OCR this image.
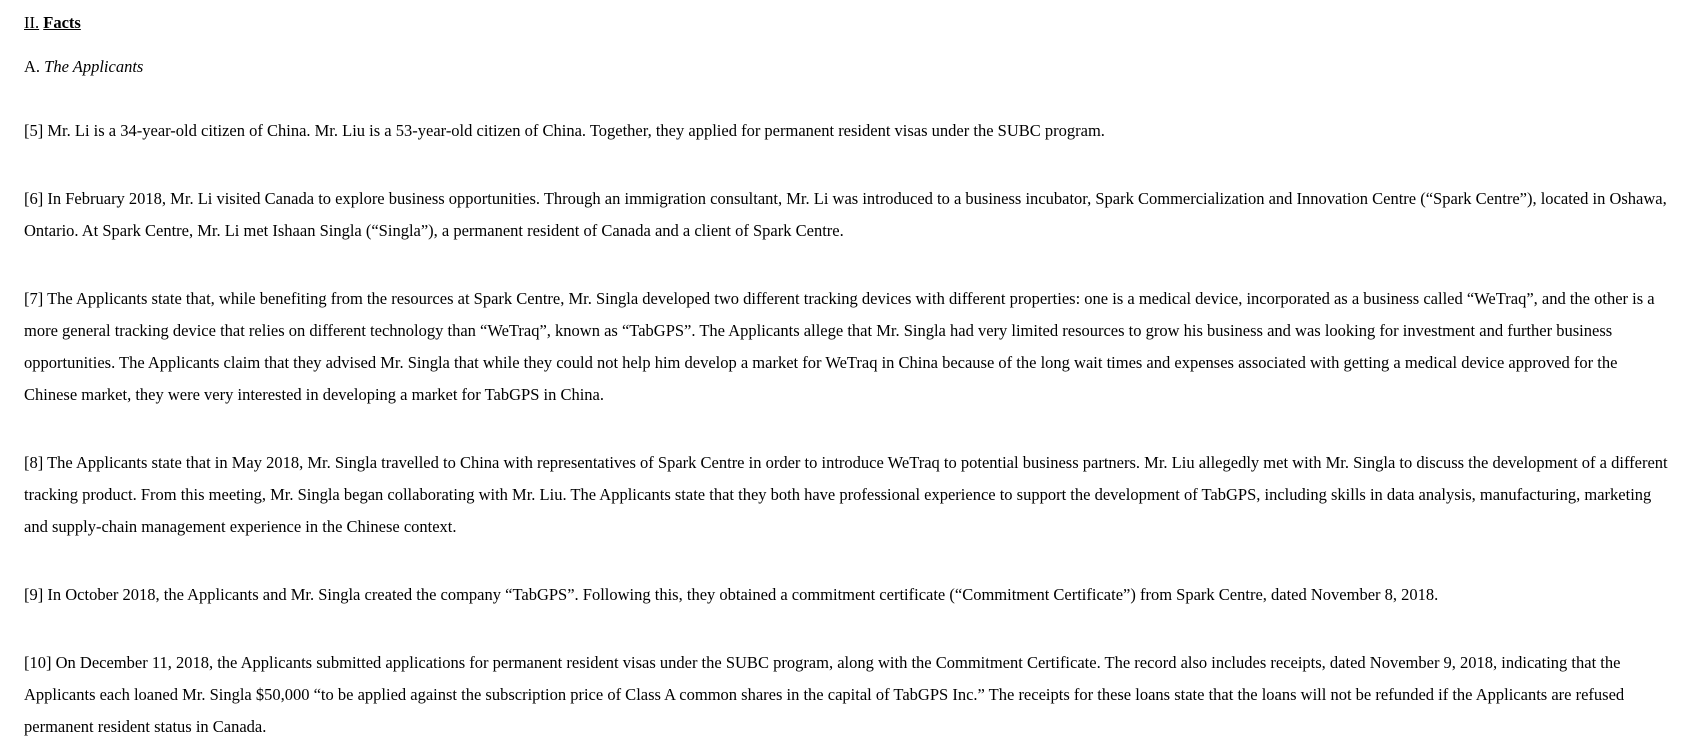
II. Facts

A. The Applicants

[5] Mr. Li is a 34-year-old citizen of China. Mr. Liu is a 53-year-old citizen of China. Together, they applied for permanent resident visas under the SUBC program.

[6] In February 2018, Mr. Li visited Canada to explore business opportunities. Through an immigration consultant, Mr. Li was introduced to a business incubator, Spark Commercialization and Innovation Centre (“Spark Centre”), located in Oshawa, Ontario. At Spark Centre, Mr. Li met Ishaan Singla (“Singla”), a permanent resident of Canada and a client of Spark Centre.

[7] The Applicants state that, while benefiting from the resources at Spark Centre, Mr. Singla developed two different tracking devices with different properties: one is a medical device, incorporated as a business called “WeTraq”, and the other is a more general tracking device that relies on different technology than “WeTraq”, known as “TabGPS”. The Applicants allege that Mr. Singla had very limited resources to grow his business and was looking for investment and further business opportunities. The Applicants claim that they advised Mr. Singla that while they could not help him develop a market for WeTraq in China because of the long wait times and expenses associated with getting a medical device approved for the Chinese market, they were very interested in developing a market for TabGPS in China.

[8] The Applicants state that in May 2018, Mr. Singla travelled to China with representatives of Spark Centre in order to introduce WeTraq to potential business partners. Mr. Liu allegedly met with Mr. Singla to discuss the development of a different tracking product. From this meeting, Mr. Singla began collaborating with Mr. Liu. The Applicants state that they both have professional experience to support the development of TabGPS, including skills in data analysis, manufacturing, marketing and supply-chain management experience in the Chinese context.

[9] In October 2018, the Applicants and Mr. Singla created the company “TabGPS”. Following this, they obtained a commitment certificate (“Commitment Certificate”) from Spark Centre, dated November 8, 2018.

[10] On December 11, 2018, the Applicants submitted applications for permanent resident visas under the SUBC program, along with the Commitment Certificate. The record also includes receipts, dated November 9, 2018, indicating that the Applicants each loaned Mr. Singla $50,000 “to be applied against the subscription price of Class A common shares in the capital of TabGPS Inc.” The receipts for these loans state that the loans will not be refunded if the Applicants are refused permanent resident status in Canada.
